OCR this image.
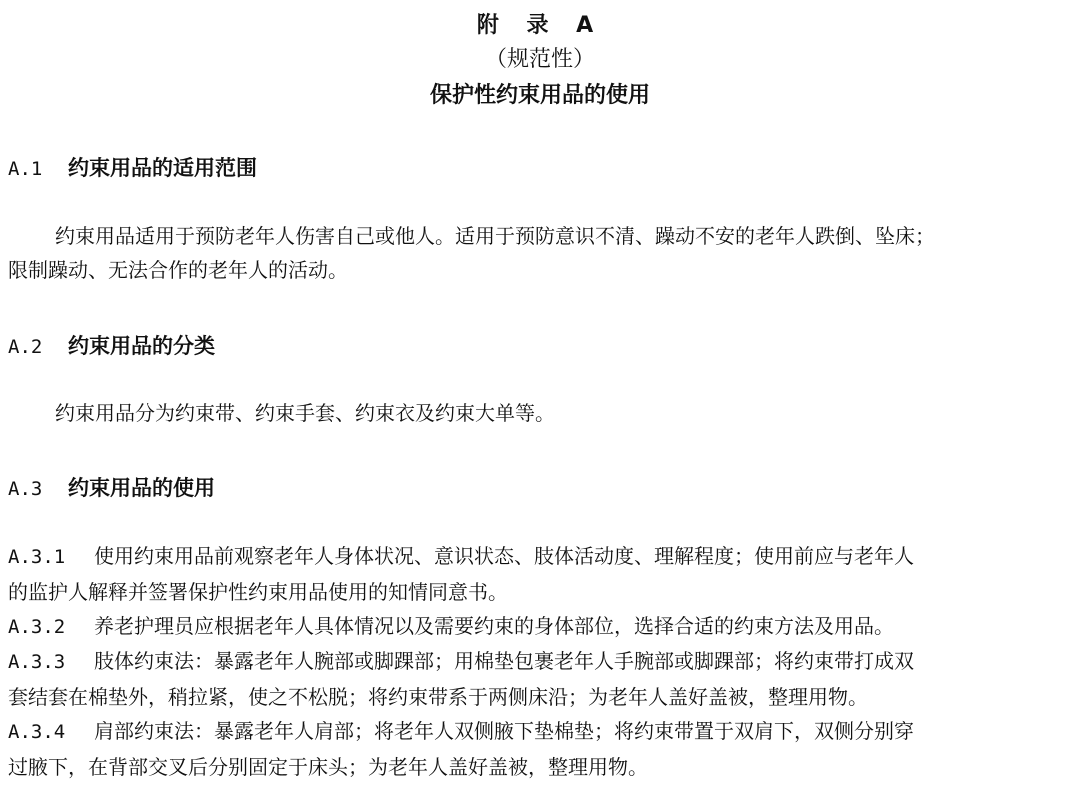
附 录 A
（规范性）
保护性约束用品的使用
A.1 约束用品的适用范围
约束用品适用于预防老年人伤害自己或他人。适用于预防意识不清、躁动不安的老年人跌倒、坠床；
限制躁动、无法合作的老年人的活动。
A.2 约束用品的分类
约束用品分为约束带、约束手套、约束衣及约束大单等。
A.3 约束用品的使用
A.3.1 使用约束用品前观察老年人身体状况、意识状态、肢体活动度、理解程度；使用前应与老年人
的监护人解释并签署保护性约束用品使用的知情同意书。
A.3.2 养老护理员应根据老年人具体情况以及需要约束的身体部位，选择合适的约束方法及用品。
A.3.3 肢体约束法：暴露老年人腕部或脚踝部；用棉垫包裹老年人手腕部或脚踝部；将约束带打成双
套结套在棉垫外，稍拉紧，使之不松脱；将约束带系于两侧床沿；为老年人盖好盖被，整理用物。
A.3.4 肩部约束法：暴露老年人肩部；将老年人双侧腋下垫棉垫；将约束带置于双肩下，双侧分别穿
过腋下，在背部交叉后分别固定于床头；为老年人盖好盖被，整理用物。
